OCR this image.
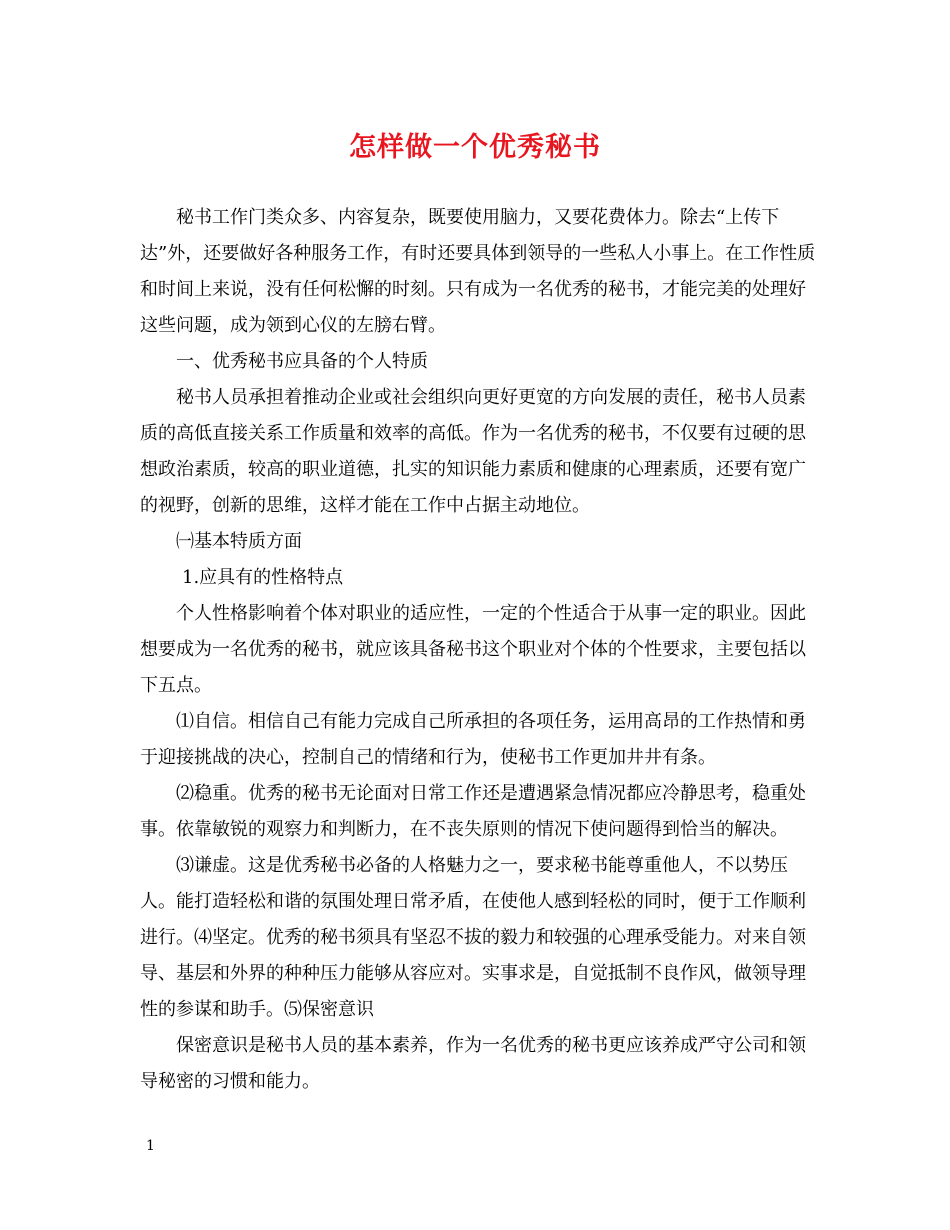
怎样做一个优秀秘书

秘书工作门类众多、内容复杂，既要使用脑力，又要花费体力。除去“上传下达”外，还要做好各种服务工作，有时还要具体到领导的一些私人小事上。在工作性质和时间上来说，没有任何松懈的时刻。只有成为一名优秀的秘书，才能完美的处理好这些问题，成为领到心仪的左膀右臂。

一、优秀秘书应具备的个人特质

秘书人员承担着推动企业或社会组织向更好更宽的方向发展的责任，秘书人员素质的高低直接关系工作质量和效率的高低。作为一名优秀的秘书，不仅要有过硬的思想政治素质，较高的职业道德，扎实的知识能力素质和健康的心理素质，还要有宽广的视野，创新的思维，这样才能在工作中占据主动地位。

㈠基本特质方面

1.应具有的性格特点

个人性格影响着个体对职业的适应性，一定的个性适合于从事一定的职业。因此想要成为一名优秀的秘书，就应该具备秘书这个职业对个体的个性要求，主要包括以下五点。

⑴自信。相信自己有能力完成自己所承担的各项任务，运用高昂的工作热情和勇于迎接挑战的决心，控制自己的情绪和行为，使秘书工作更加井井有条。

⑵稳重。优秀的秘书无论面对日常工作还是遭遇紧急情况都应冷静思考，稳重处事。依靠敏锐的观察力和判断力，在不丧失原则的情况下使问题得到恰当的解决。

⑶谦虚。这是优秀秘书必备的人格魅力之一，要求秘书能尊重他人，不以势压人。能打造轻松和谐的氛围处理日常矛盾，在使他人感到轻松的同时，便于工作顺利进行。⑷坚定。优秀的秘书须具有坚忍不拔的毅力和较强的心理承受能力。对来自领导、基层和外界的种种压力能够从容应对。实事求是，自觉抵制不良作风，做领导理性的参谋和助手。⑸保密意识

保密意识是秘书人员的基本素养，作为一名优秀的秘书更应该养成严守公司和领导秘密的习惯和能力。

1
